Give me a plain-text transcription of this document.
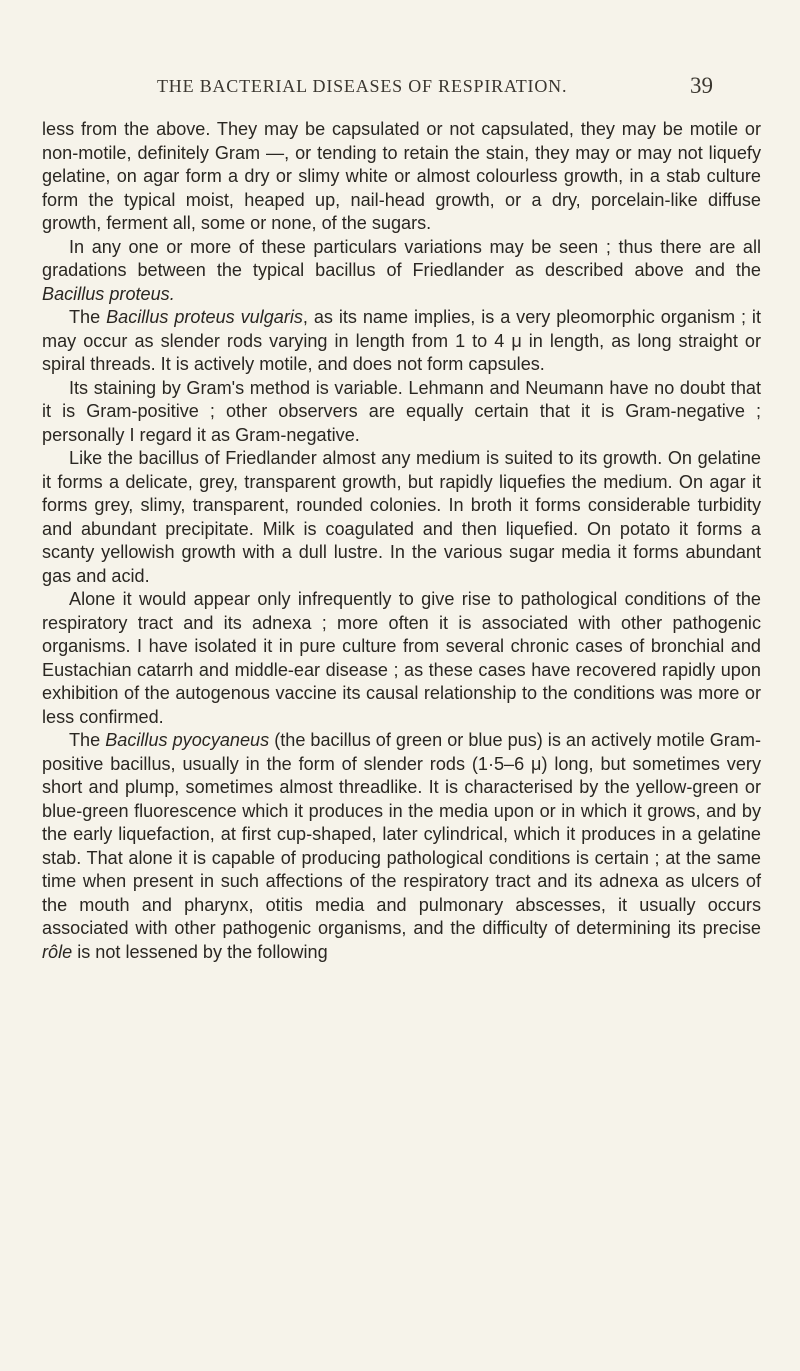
THE BACTERIAL DISEASES OF RESPIRATION.	39

less from the above. They may be capsulated or not capsulated, they may be motile or non-motile, definitely Gram —, or tending to retain the stain, they may or may not liquefy gelatine, on agar form a dry or slimy white or almost colourless growth, in a stab culture form the typical moist, heaped up, nail-head growth, or a dry, porcelain-like diffuse growth, ferment all, some or none, of the sugars.

In any one or more of these particulars variations may be seen ; thus there are all gradations between the typical bacillus of Friedlander as described above and the Bacillus proteus.

The Bacillus proteus vulgaris, as its name implies, is a very pleomorphic organism ; it may occur as slender rods varying in length from 1 to 4 μ in length, as long straight or spiral threads. It is actively motile, and does not form capsules.

Its staining by Gram's method is variable. Lehmann and Neumann have no doubt that it is Gram-positive ; other observers are equally certain that it is Gram-negative ; personally I regard it as Gram-negative.

Like the bacillus of Friedlander almost any medium is suited to its growth. On gelatine it forms a delicate, grey, transparent growth, but rapidly liquefies the medium. On agar it forms grey, slimy, transparent, rounded colonies. In broth it forms considerable turbidity and abundant precipitate. Milk is coagulated and then liquefied. On potato it forms a scanty yellowish growth with a dull lustre. In the various sugar media it forms abundant gas and acid.

Alone it would appear only infrequently to give rise to pathological conditions of the respiratory tract and its adnexa ; more often it is associated with other pathogenic organisms. I have isolated it in pure culture from several chronic cases of bronchial and Eustachian catarrh and middle-ear disease ; as these cases have recovered rapidly upon exhibition of the autogenous vaccine its causal relationship to the conditions was more or less confirmed.

The Bacillus pyocyaneus (the bacillus of green or blue pus) is an actively motile Gram-positive bacillus, usually in the form of slender rods (1·5–6 μ) long, but sometimes very short and plump, sometimes almost threadlike. It is characterised by the yellow-green or blue-green fluorescence which it produces in the media upon or in which it grows, and by the early liquefaction, at first cup-shaped, later cylindrical, which it produces in a gelatine stab. That alone it is capable of producing pathological conditions is certain ; at the same time when present in such affections of the respiratory tract and its adnexa as ulcers of the mouth and pharynx, otitis media and pulmonary abscesses, it usually occurs associated with other pathogenic organisms, and the difficulty of determining its precise rôle is not lessened by the following
